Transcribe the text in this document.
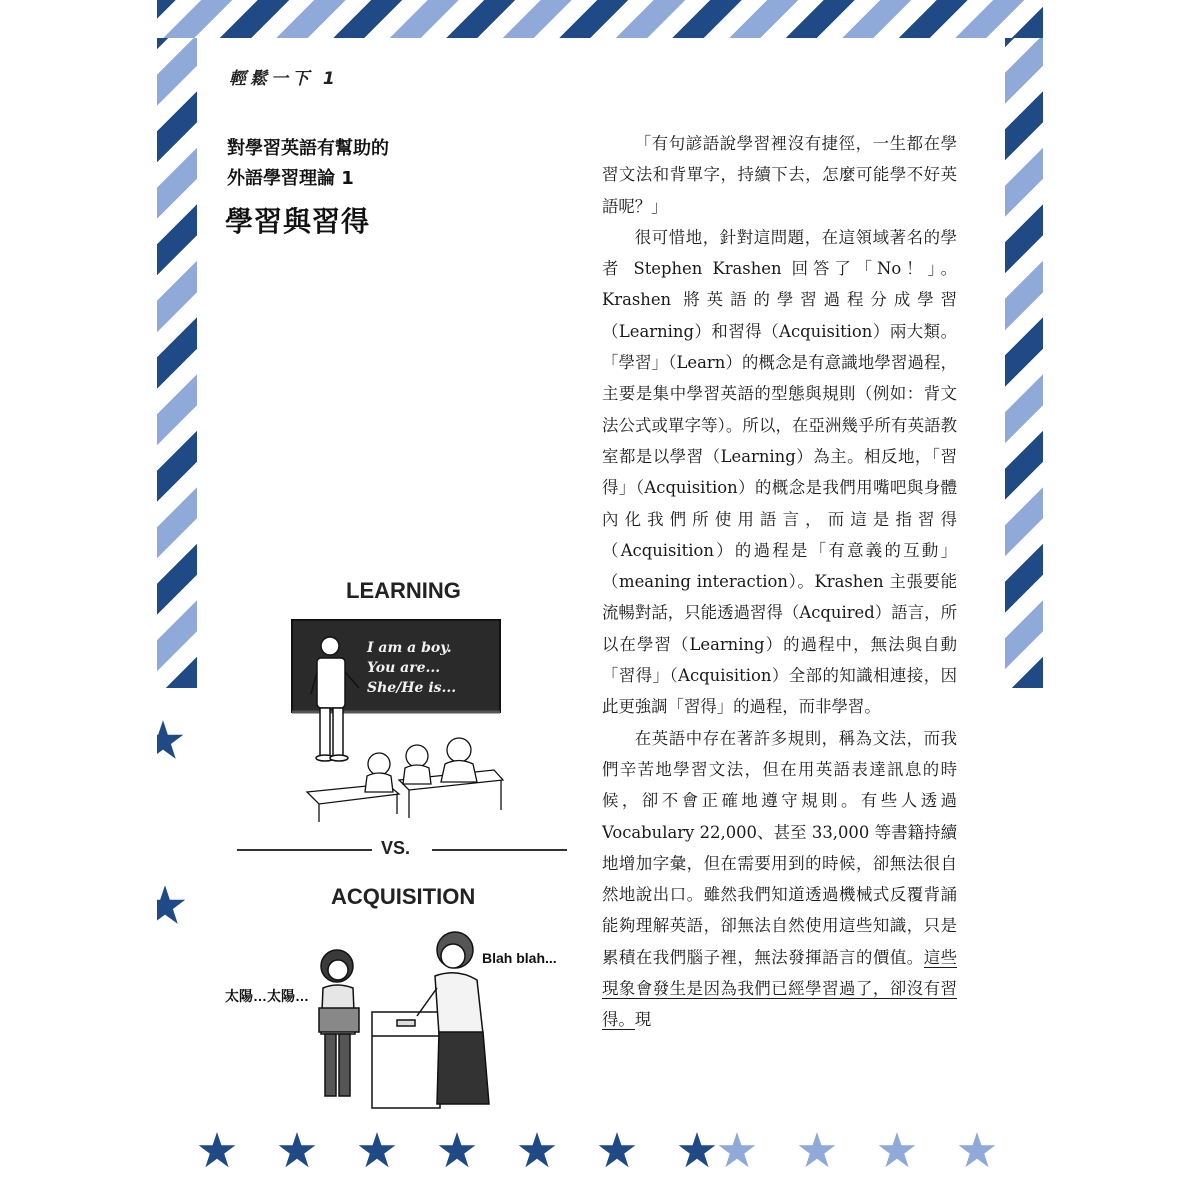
輕鬆一下 1
對學習英語有幫助的
外語學習理論 1
學習與習得
LEARNING
I am a boy.
You are...
She/He is...
VS.
ACQUISITION
太陽…太陽…
Blah blah...

「有句諺語說學習裡沒有捷徑，一生都在學習文法和背單字，持續下去，怎麼可能學不好英語呢？」

很可惜地，針對這問題，在這領域著名的學者 Stephen Krashen 回答了「No！」。Krashen 將英語的學習過程分成學習（Learning）和習得（Acquisition）兩大類。「學習」（Learn）的概念是有意識地學習過程，主要是集中學習英語的型態與規則（例如：背文法公式或單字等）。所以，在亞洲幾乎所有英語教室都是以學習（Learning）為主。相反地，「習得」（Acquisition）的概念是我們用嘴吧與身體內化我們所使用語言，而這是指習得（Acquisition）的過程是「有意義的互動」（meaning interaction）。Krashen 主張要能流暢對話，只能透過習得（Acquired）語言，所以在學習（Learning）的過程中，無法與自動「習得」（Acquisition）全部的知識相連接，因此更強調「習得」的過程，而非學習。

在英語中存在著許多規則，稱為文法，而我們辛苦地學習文法，但在用英語表達訊息的時候，卻不會正確地遵守規則。有些人透過 Vocabulary 22,000、甚至 33,000 等書籍持續地增加字彙，但在需要用到的時候，卻無法很自然地說出口。雖然我們知道透過機械式反覆背誦能夠理解英語，卻無法自然使用這些知識，只是累積在我們腦子裡，無法發揮語言的價值。這些現象會發生是因為我們已經學習過了，卻沒有習得。現
